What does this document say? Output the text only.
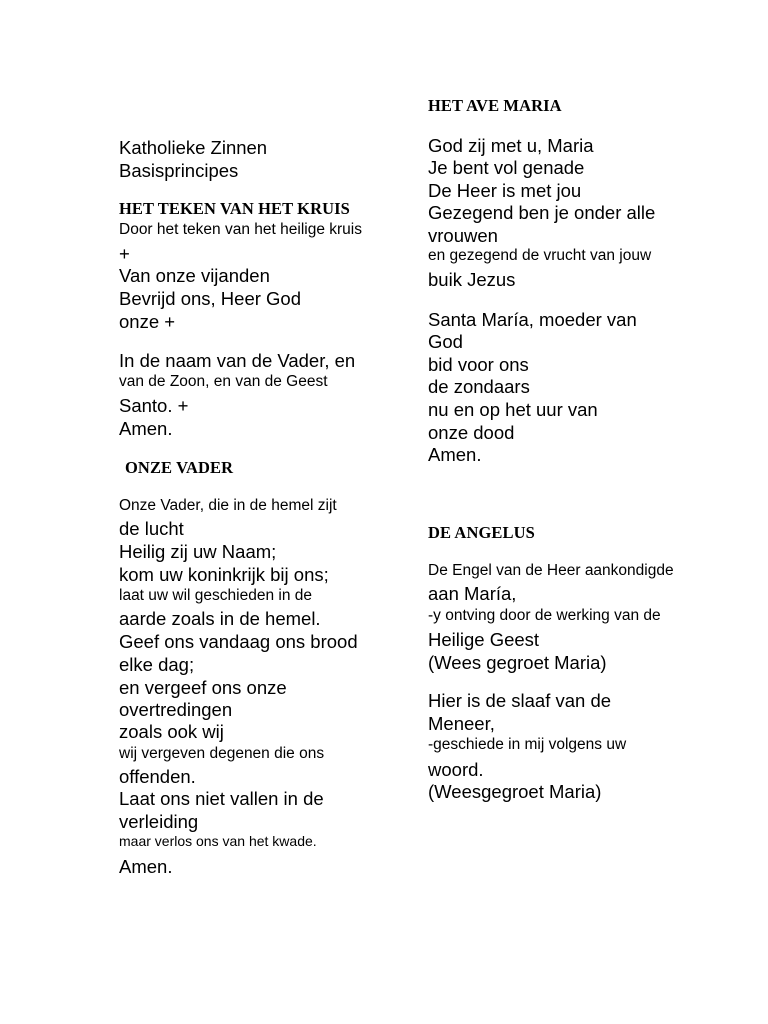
Katholieke Zinnen
Basisprincipes
HET TEKEN VAN HET KRUIS
Door het teken van het heilige kruis
+
Van onze vijanden
Bevrijd ons, Heer God
onze +
In de naam van de Vader, en
van de Zoon, en van de Geest
Santo. +
Amen.
ONZE VADER
Onze Vader, die in de hemel zijt
de lucht
Heilig zij uw Naam;
kom uw koninkrijk bij ons;
laat uw wil geschieden in de
aarde zoals in de hemel.
Geef ons vandaag ons brood
elke dag;
en vergeef ons onze
overtredingen
zoals ook wij
wij vergeven degenen die ons
offenden.
Laat ons niet vallen in de
verleiding
maar verlos ons van het kwade.
Amen.
HET AVE MARIA
God zij met u, Maria
Je bent vol genade
De Heer is met jou
Gezegend ben je onder alle
vrouwen
en gezegend de vrucht van jouw
buik Jezus
Santa María, moeder van
God
bid voor ons
de zondaars
nu en op het uur van
onze dood
Amen.
DE ANGELUS
De Engel van de Heer aankondigde
aan María,
-y ontving door de werking van de
Heilige Geest
(Wees gegroet Maria)
Hier is de slaaf van de
Meneer,
-geschiede in mij volgens uw
woord.
(Weesgegroet Maria)
